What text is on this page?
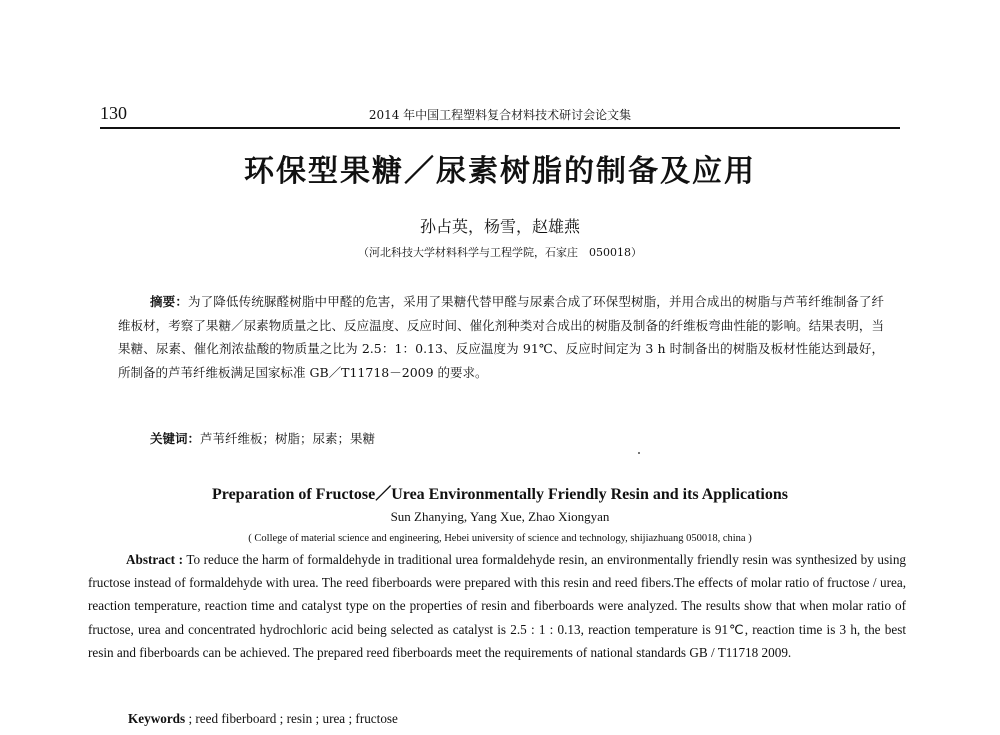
130	2014 年中国工程塑料复合材料技术研讨会论文集
环保型果糖／尿素树脂的制备及应用
孙占英，杨雪，赵雄燕
（河北科技大学材料科学与工程学院，石家庄　050018）
摘要：为了降低传统脲醛树脂中甲醛的危害，采用了果糖代替甲醛与尿素合成了环保型树脂，并用合成出的树脂与芦苇纤维制备了纤维板材，考察了果糖／尿素物质量之比、反应温度、反应时间、催化剂种类对合成出的树脂及制备的纤维板弯曲性能的影响。结果表明，当果糖、尿素、催化剂浓盐酸的物质量之比为 2.5：1：0.13、反应温度为 91℃、反应时间定为 3 h 时制备出的树脂及板材性能达到最好，所制备的芦苇纤维板满足国家标准 GB／T11718－2009 的要求。
关键词：芦苇纤维板；树脂；尿素；果糖
Preparation of Fructose／Urea Environmentally Friendly Resin and its Applications
Sun Zhanying, Yang Xue, Zhao Xiongyan
( College of material science and engineering, Hebei university of science and technology, shijiazhuang 050018, china )
Abstract : To reduce the harm of formaldehyde in traditional urea formaldehyde resin, an environmentally friendly resin was synthesized by using fructose instead of formaldehyde with urea. The reed fiberboards were prepared with this resin and reed fibers.The effects of molar ratio of fructose / urea, reaction temperature, reaction time and catalyst type on the properties of resin and fiberboards were analyzed. The results show that when molar ratio of fructose, urea and concentrated hydrochloric acid being selected as catalyst is 2.5 : 1 : 0.13, reaction temperature is 91℃, reaction time is 3 h, the best resin and fiberboards can be achieved. The prepared reed fiberboards meet the requirements of national standards GB / T11718 2009.
Keywords ; reed fiberboard ; resin ; urea ; fructose
